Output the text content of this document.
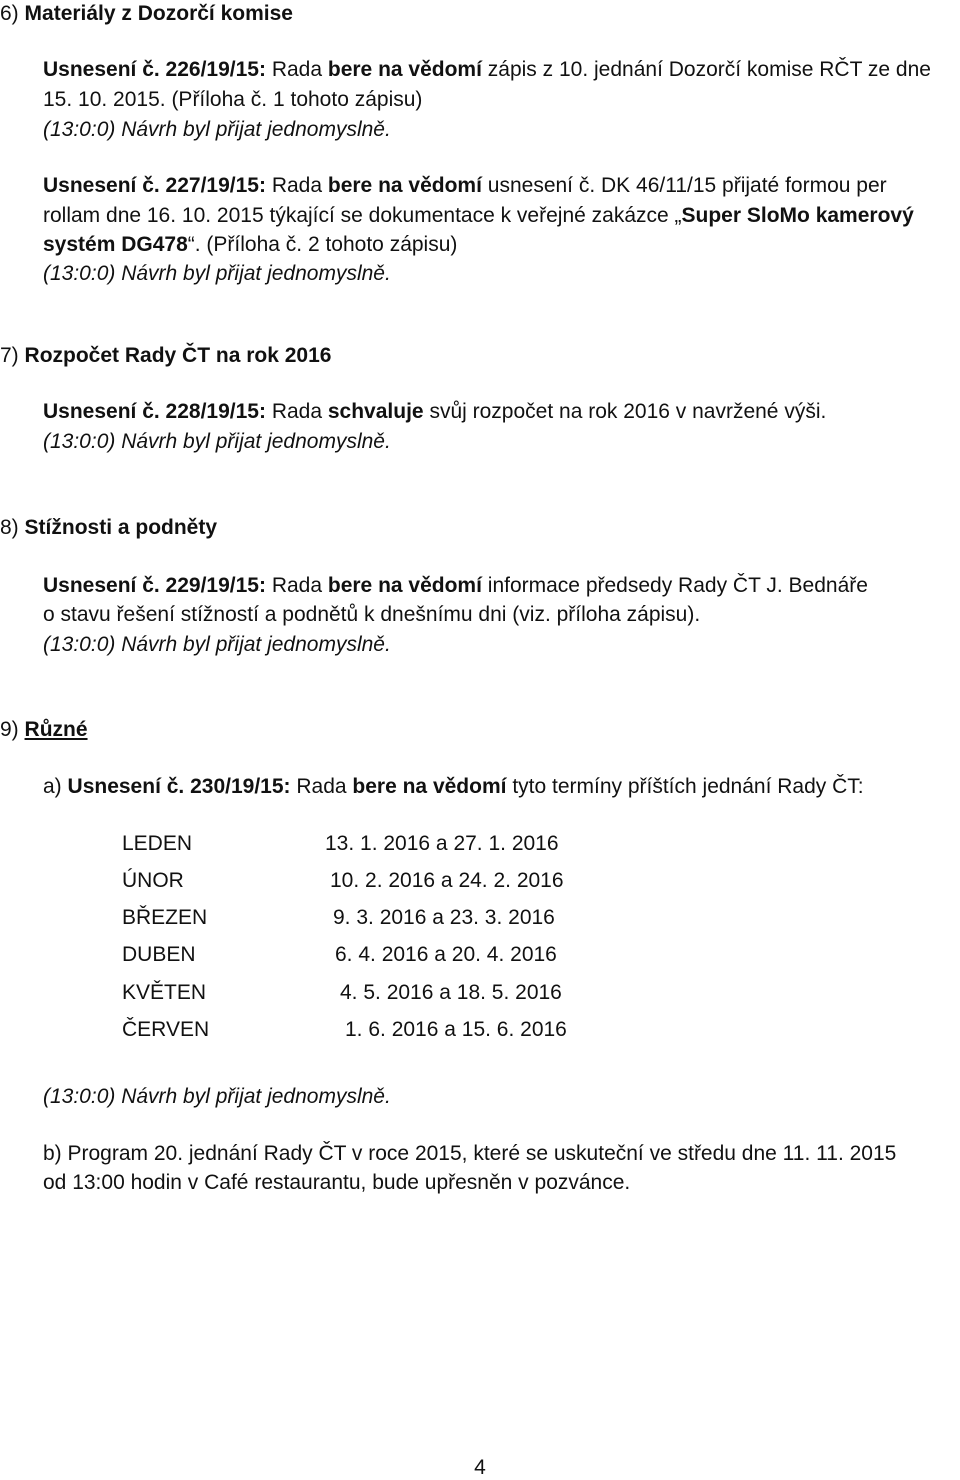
6) Materiály z Dozorčí komise
Usnesení č. 226/19/15: Rada bere na vědomí zápis z 10. jednání Dozorčí komise RČT ze dne
15. 10. 2015. (Příloha č. 1 tohoto zápisu)
(13:0:0) Návrh byl přijat jednomyslně.
Usnesení č. 227/19/15: Rada bere na vědomí usnesení č. DK 46/11/15 přijaté formou per
rollam dne 16. 10. 2015 týkající se dokumentace k veřejné zakázce „Super SloMo kamerový
systém DG478“. (Příloha č. 2 tohoto zápisu)
(13:0:0) Návrh byl přijat jednomyslně.
7) Rozpočet Rady ČT na rok 2016
Usnesení č. 228/19/15: Rada schvaluje svůj rozpočet na rok 2016 v navržené výši.
(13:0:0) Návrh byl přijat jednomyslně.
8) Stížnosti a podněty
Usnesení č. 229/19/15: Rada bere na vědomí informace předsedy Rady ČT J. Bednáře
o stavu řešení stížností a podnětů k dnešnímu dni (viz. příloha zápisu).
(13:0:0) Návrh byl přijat jednomyslně.
9) Různé
a) Usnesení č. 230/19/15: Rada bere na vědomí tyto termíny příštích jednání Rady ČT:
LEDEN	13. 1. 2016 a 27. 1. 2016
ÚNOR	10. 2. 2016 a 24. 2. 2016
BŘEZEN	9. 3. 2016 a 23. 3. 2016
DUBEN	6. 4. 2016 a 20. 4. 2016
KVĚTEN	4. 5. 2016 a 18. 5. 2016
ČERVEN	1. 6. 2016 a 15. 6. 2016
(13:0:0) Návrh byl přijat jednomyslně.
b) Program 20. jednání Rady ČT v roce 2015, které se uskuteční ve středu dne 11. 11. 2015
od 13:00 hodin v Café restaurantu, bude upřesněn v pozvánce.
4
